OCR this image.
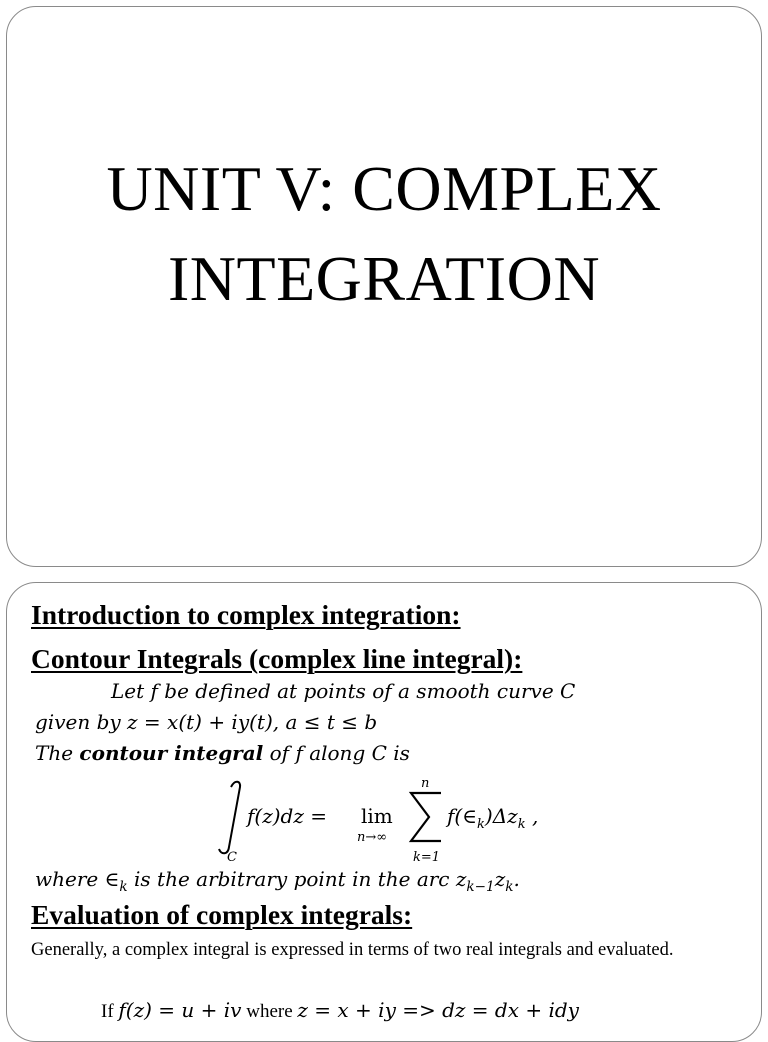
UNIT V: COMPLEX
INTEGRATION
Introduction to complex integration:
Contour Integrals (complex line integral):
Let f be defined at points of a smooth curve C
given by z = x(t) + iy(t), a ≤ t ≤ b
The contour integral of f along C is
C
f(z)dz = lim
n→∞
n
k=1
$f(\in_k)\Delta z_k$ ,
where $\in_k$ is the arbitrary point in the arc $z_{k-1}z_k$.
Evaluation of complex integrals:
Generally, a complex integral is expressed in terms of two real integrals and evaluated.
If f(z) = u + iv where z = x + iy => dz = dx + idy
